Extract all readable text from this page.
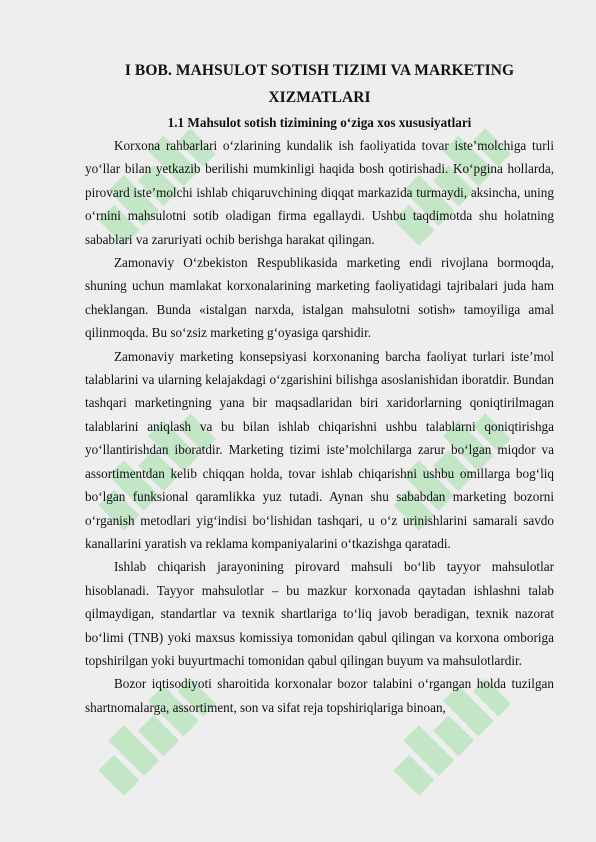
I BOB. MAHSULOT SOTISH TIZIMI VA MARKETING XIZMATLARI
1.1 Mahsulot sotish tizimining o‘ziga xos xususiyatlari

Korxona rahbarlari o‘zlarining kundalik ish faoliyatida tovar iste’molchiga turli yo‘llar bilan yetkazib berilishi mumkinligi haqida bosh qotirishadi. Ko‘pgina hollarda, pirovard iste’molchi ishlab chiqaruvchining diqqat markazida turmaydi, aksincha, uning o‘rnini mahsulotni sotib oladigan firma egallaydi. Ushbu taqdimotda shu holatning sabablari va zaruriyati ochib berishga harakat qilingan.

Zamonaviy O‘zbekiston Respublikasida marketing endi rivojlana bormoqda, shuning uchun mamlakat korxonalarining marketing faoliyatidagi tajribalari juda ham cheklangan. Bunda «istalgan narxda, istalgan mahsulotni sotish» tamoyiliga amal qilinmoqda. Bu so‘zsiz marketing g‘oyasiga qarshidir.

Zamonaviy marketing konsepsiyasi korxonaning barcha faoliyat turlari iste’mol talablarini va ularning kelajakdagi o‘zgarishini bilishga asoslanishidan iboratdir. Bundan tashqari marketingning yana bir maqsadlaridan biri xaridorlarning qoniqtirilmagan talablarini aniqlash va bu bilan ishlab chiqarishni ushbu talablarni qoniqtirishga yo‘llantirishdan iboratdir. Marketing tizimi iste’molchilarga zarur bo‘lgan miqdor va assortimentdan kelib chiqqan holda, tovar ishlab chiqarishni ushbu omillarga bog‘liq bo‘lgan funksional qaramlikka yuz tutadi. Aynan shu sababdan marketing bozorni o‘rganish metodlari yig‘indisi bo‘lishidan tashqari, u o‘z urinishlarini samarali savdo kanallarini yaratish va reklama kompaniyalarini o‘tkazishga qaratadi.

Ishlab chiqarish jarayonining pirovard mahsuli bo‘lib tayyor mahsulotlar hisoblanadi. Tayyor mahsulotlar – bu mazkur korxonada qaytadan ishlashni talab qilmaydigan, standartlar va texnik shartlariga to‘liq javob beradigan, texnik nazorat bo‘limi (TNB) yoki maxsus komissiya tomonidan qabul qilingan va korxona omboriga topshirilgan yoki buyurtmachi tomonidan qabul qilingan buyum va mahsulotlardir.

Bozor iqtisodiyoti sharoitida korxonalar bozor talabini o‘rgangan holda tuzilgan shartnomalarga, assortiment, son va sifat reja topshiriqlariga binoan,
